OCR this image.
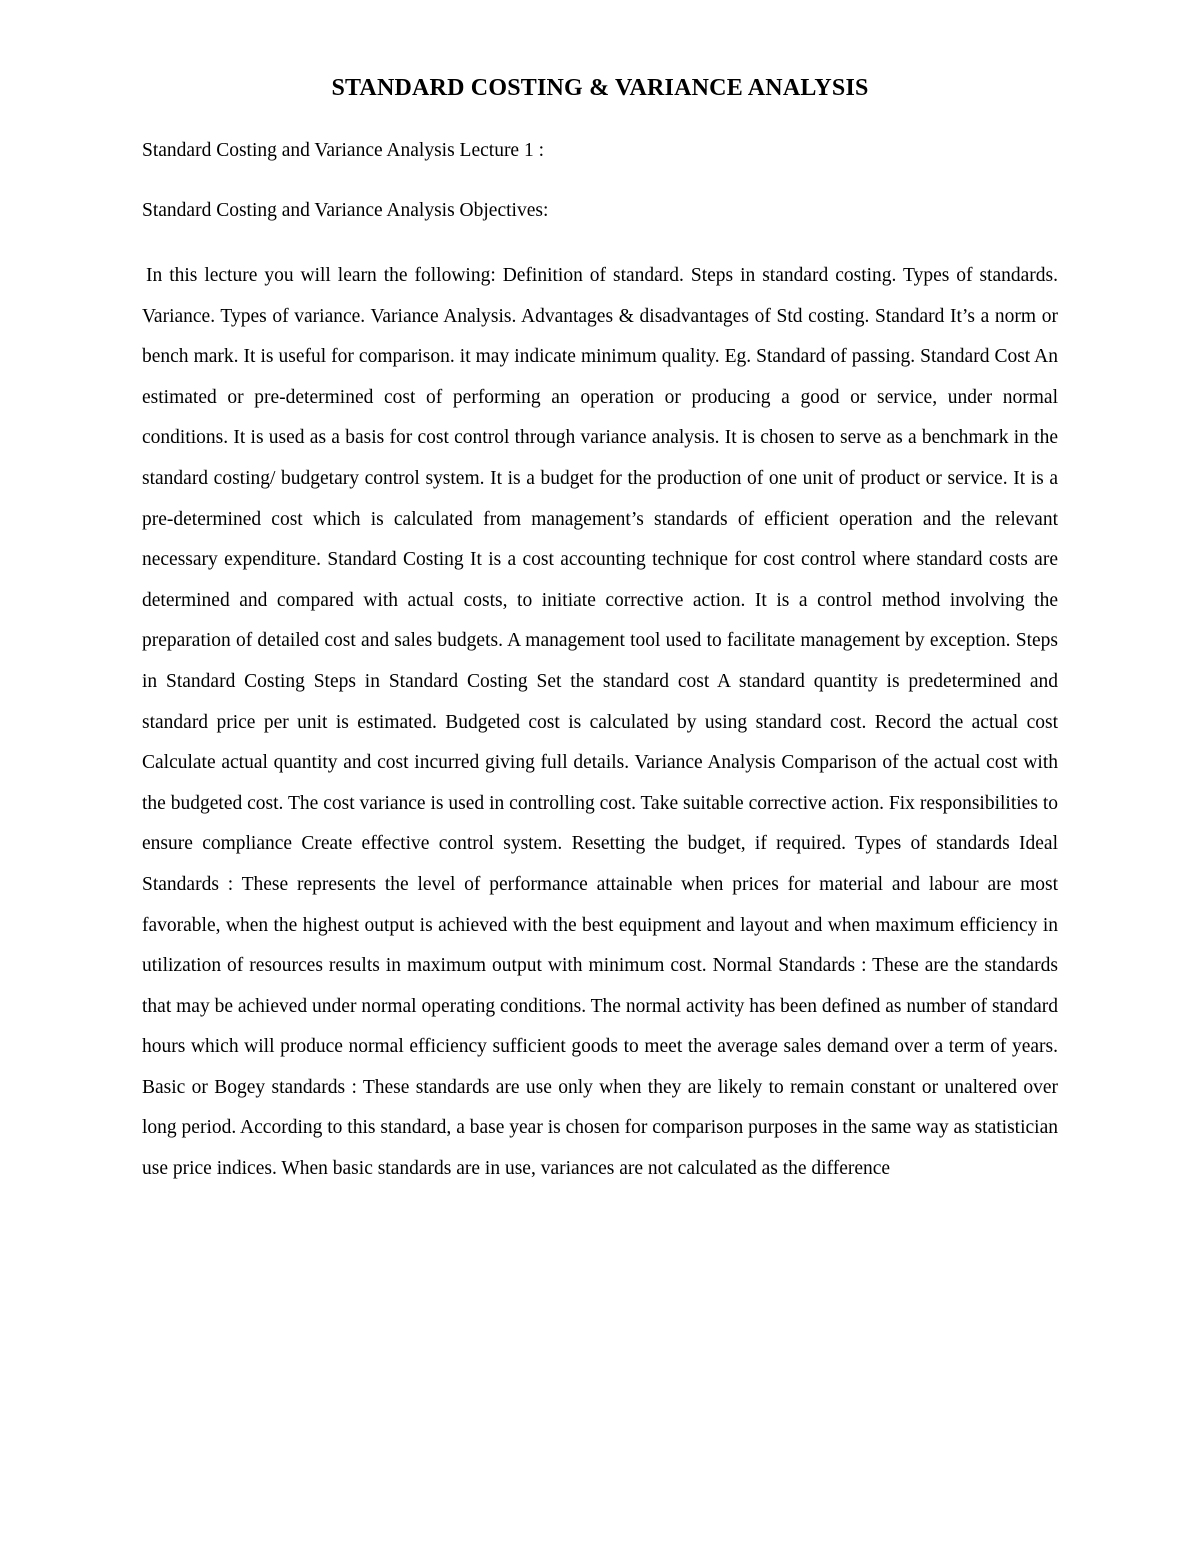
STANDARD COSTING & VARIANCE ANALYSIS

Standard Costing and Variance Analysis Lecture 1 :

Standard Costing and Variance Analysis Objectives:

In this lecture you will learn the following: Definition of standard. Steps in standard costing. Types of standards. Variance. Types of variance. Variance Analysis. Advantages & disadvantages of Std costing. Standard It’s a norm or bench mark. It is useful for comparison. it may indicate minimum quality. Eg. Standard of passing. Standard Cost An estimated or pre-determined cost of performing an operation or producing a good or service, under normal conditions. It is used as a basis for cost control through variance analysis. It is chosen to serve as a benchmark in the standard costing/ budgetary control system. It is a budget for the production of one unit of product or service. It is a pre-determined cost which is calculated from management’s standards of efficient operation and the relevant necessary expenditure. Standard Costing It is a cost accounting technique for cost control where standard costs are determined and compared with actual costs, to initiate corrective action. It is a control method involving the preparation of detailed cost and sales budgets. A management tool used to facilitate management by exception. Steps in Standard Costing Steps in Standard Costing Set the standard cost A standard quantity is predetermined and standard price per unit is estimated. Budgeted cost is calculated by using standard cost. Record the actual cost Calculate actual quantity and cost incurred giving full details. Variance Analysis Comparison of the actual cost with the budgeted cost. The cost variance is used in controlling cost. Take suitable corrective action. Fix responsibilities to ensure compliance Create effective control system. Resetting the budget, if required. Types of standards Ideal Standards : These represents the level of performance attainable when prices for material and labour are most favorable, when the highest output is achieved with the best equipment and layout and when maximum efficiency in utilization of resources results in maximum output with minimum cost. Normal Standards : These are the standards that may be achieved under normal operating conditions. The normal activity has been defined as number of standard hours which will produce normal efficiency sufficient goods to meet the average sales demand over a term of years. Basic or Bogey standards : These standards are use only when they are likely to remain constant or unaltered over long period. According to this standard, a base year is chosen for comparison purposes in the same way as statistician use price indices. When basic standards are in use, variances are not calculated as the difference
